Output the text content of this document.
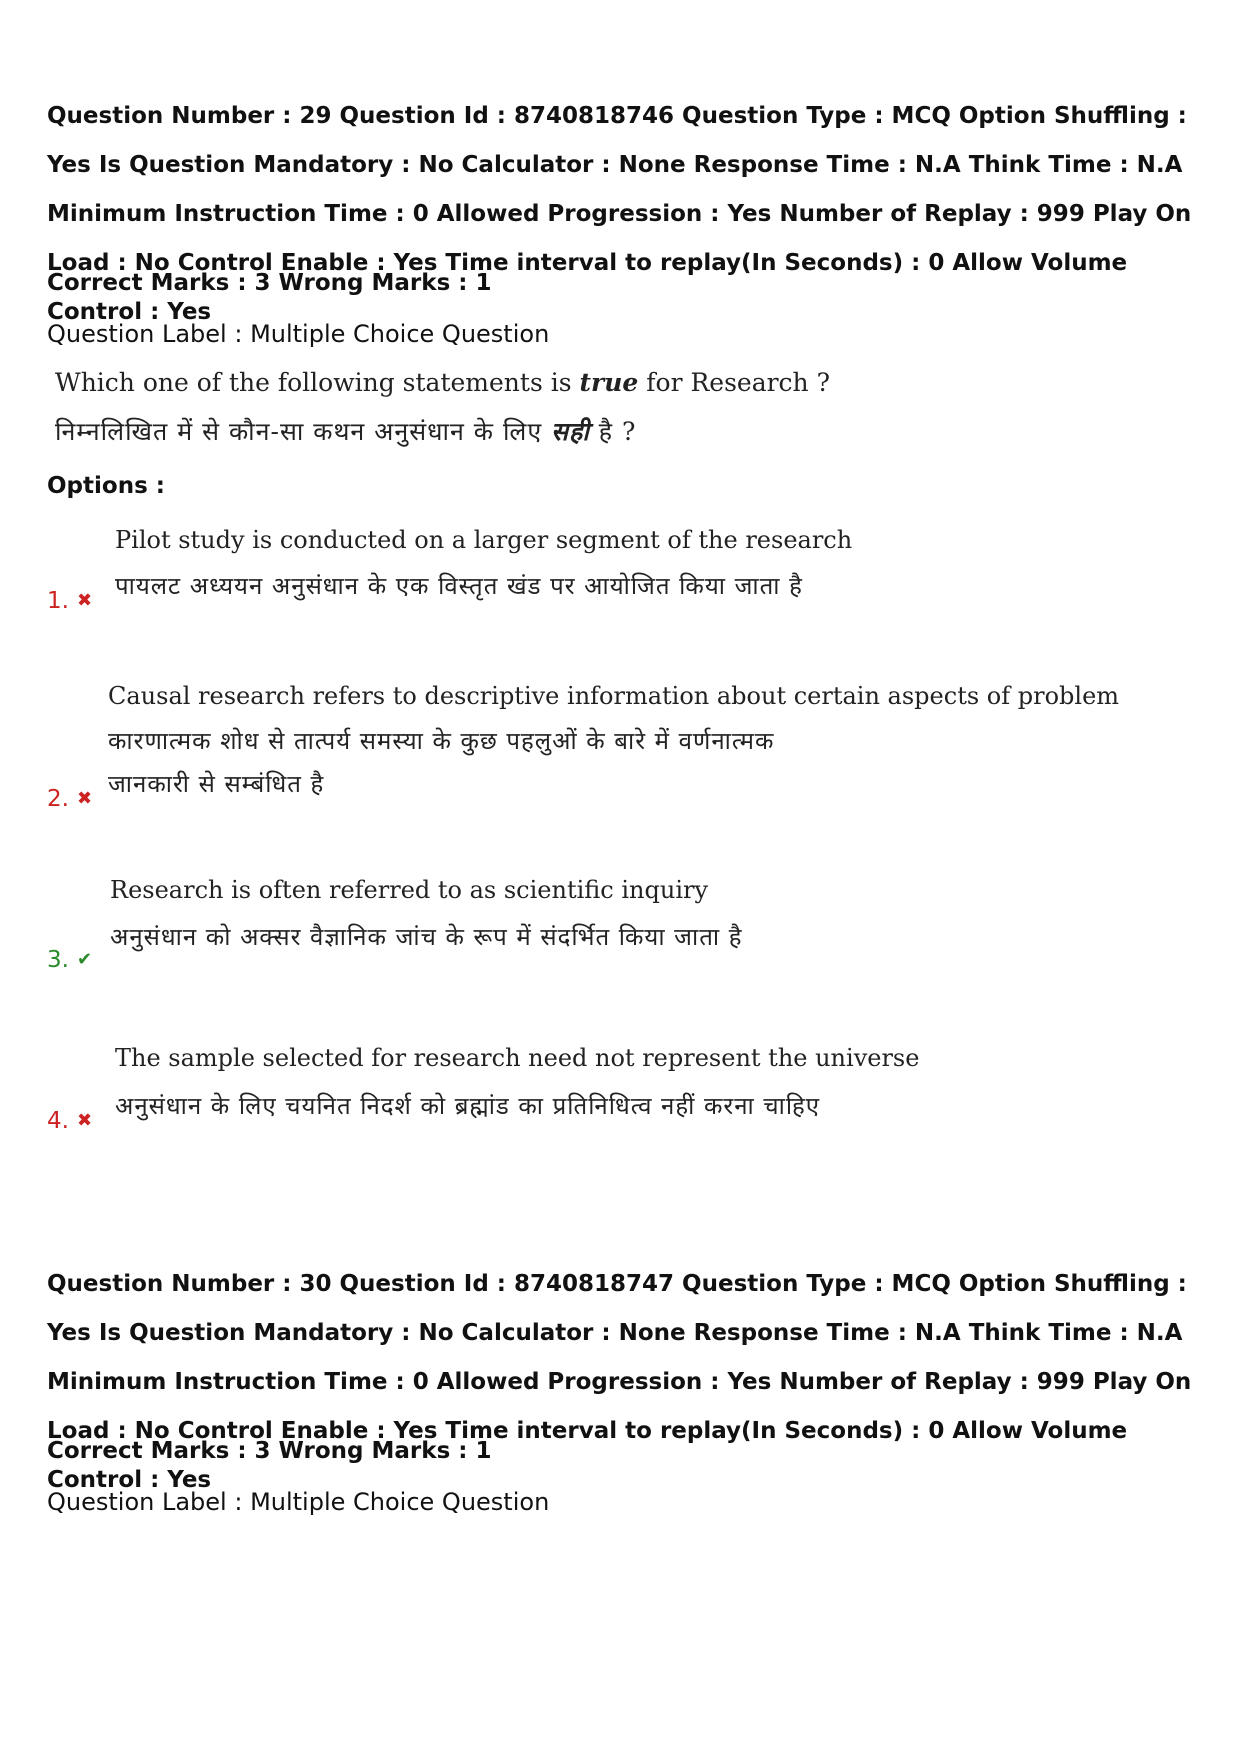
Question Number : 29 Question Id : 8740818746 Question Type : MCQ Option Shuffling : Yes Is Question Mandatory : No Calculator : None Response Time : N.A Think Time : N.A Minimum Instruction Time : 0 Allowed Progression : Yes Number of Replay : 999 Play On Load : No Control Enable : Yes Time interval to replay(In Seconds) : 0 Allow Volume Control : Yes
Correct Marks : 3 Wrong Marks : 1
Question Label : Multiple Choice Question
Which one of the following statements is true for Research ?
निम्नलिखित में से कौन-सा कथन अनुसंधान के लिए सही है ?
Options :
Pilot study is conducted on a larger segment of the research
पायलट अध्ययन अनुसंधान के एक विस्तृत खंड पर आयोजित किया जाता है
1. ✖
Causal research refers to descriptive information about certain aspects of problem
कारणात्मक शोध से तात्पर्य समस्या के कुछ पहलुओं के बारे में वर्णनात्मक
जानकारी से सम्बंधित है
2. ✖
Research is often referred to as scientific inquiry
अनुसंधान को अक्सर वैज्ञानिक जांच के रूप में संदर्भित किया जाता है
3. ✔
The sample selected for research need not represent the universe
अनुसंधान के लिए चयनित निदर्श को ब्रह्मांड का प्रतिनिधित्व नहीं करना चाहिए
4. ✖
Question Number : 30 Question Id : 8740818747 Question Type : MCQ Option Shuffling : Yes Is Question Mandatory : No Calculator : None Response Time : N.A Think Time : N.A Minimum Instruction Time : 0 Allowed Progression : Yes Number of Replay : 999 Play On Load : No Control Enable : Yes Time interval to replay(In Seconds) : 0 Allow Volume Control : Yes
Correct Marks : 3 Wrong Marks : 1
Question Label : Multiple Choice Question
